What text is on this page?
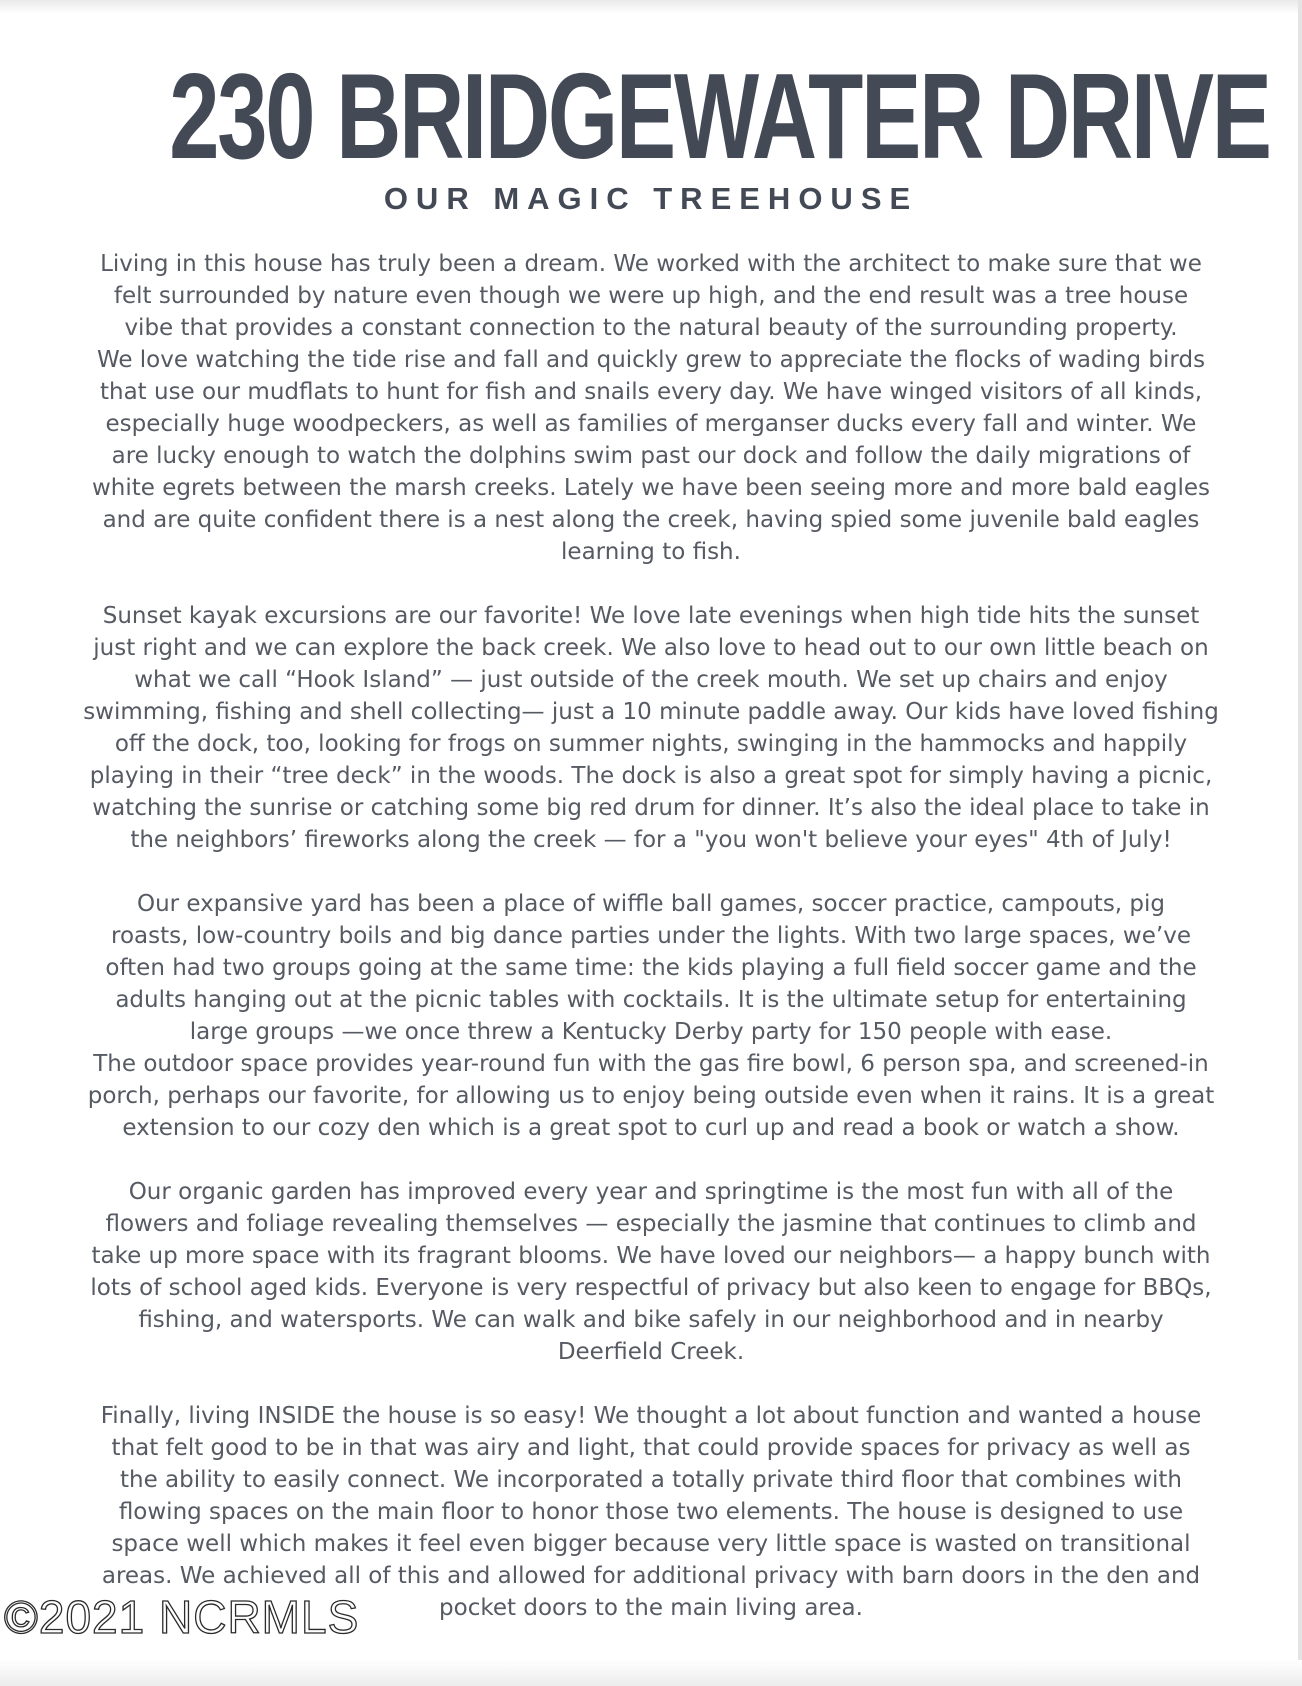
230 BRIDGEWATER DRIVE
OUR MAGIC TREEHOUSE

Living in this house has truly been a dream. We worked with the architect to make sure that we
felt surrounded by nature even though we were up high, and the end result was a tree house
vibe that provides a constant connection to the natural beauty of the surrounding property.
We love watching the tide rise and fall and quickly grew to appreciate the flocks of wading birds
that use our mudflats to hunt for fish and snails every day. We have winged visitors of all kinds,
especially huge woodpeckers, as well as families of merganser ducks every fall and winter. We
are lucky enough to watch the dolphins swim past our dock and follow the daily migrations of
white egrets between the marsh creeks. Lately we have been seeing more and more bald eagles
and are quite confident there is a nest along the creek, having spied some juvenile bald eagles
learning to fish.

Sunset kayak excursions are our favorite! We love late evenings when high tide hits the sunset
just right and we can explore the back creek. We also love to head out to our own little beach on
what we call “Hook Island” — just outside of the creek mouth. We set up chairs and enjoy
swimming, fishing and shell collecting— just a 10 minute paddle away. Our kids have loved fishing
off the dock, too, looking for frogs on summer nights, swinging in the hammocks and happily
playing in their “tree deck” in the woods. The dock is also a great spot for simply having a picnic,
watching the sunrise or catching some big red drum for dinner. It’s also the ideal place to take in
the neighbors’ fireworks along the creek — for a "you won't believe your eyes" 4th of July!

Our expansive yard has been a place of wiffle ball games, soccer practice, campouts, pig
roasts, low-country boils and big dance parties under the lights. With two large spaces, we’ve
often had two groups going at the same time: the kids playing a full field soccer game and the
adults hanging out at the picnic tables with cocktails. It is the ultimate setup for entertaining
large groups —we once threw a Kentucky Derby party for 150 people with ease.
The outdoor space provides year-round fun with the gas fire bowl, 6 person spa, and screened-in
porch, perhaps our favorite, for allowing us to enjoy being outside even when it rains. It is a great
extension to our cozy den which is a great spot to curl up and read a book or watch a show.

Our organic garden has improved every year and springtime is the most fun with all of the
flowers and foliage revealing themselves — especially the jasmine that continues to climb and
take up more space with its fragrant blooms. We have loved our neighbors— a happy bunch with
lots of school aged kids. Everyone is very respectful of privacy but also keen to engage for BBQs,
fishing, and watersports. We can walk and bike safely in our neighborhood and in nearby
Deerfield Creek.

Finally, living INSIDE the house is so easy! We thought a lot about function and wanted a house
that felt good to be in that was airy and light, that could provide spaces for privacy as well as
the ability to easily connect. We incorporated a totally private third floor that combines with
flowing spaces on the main floor to honor those two elements. The house is designed to use
space well which makes it feel even bigger because very little space is wasted on transitional
areas. We achieved all of this and allowed for additional privacy with barn doors in the den and
pocket doors to the main living area.

©2021 NCRMLS
